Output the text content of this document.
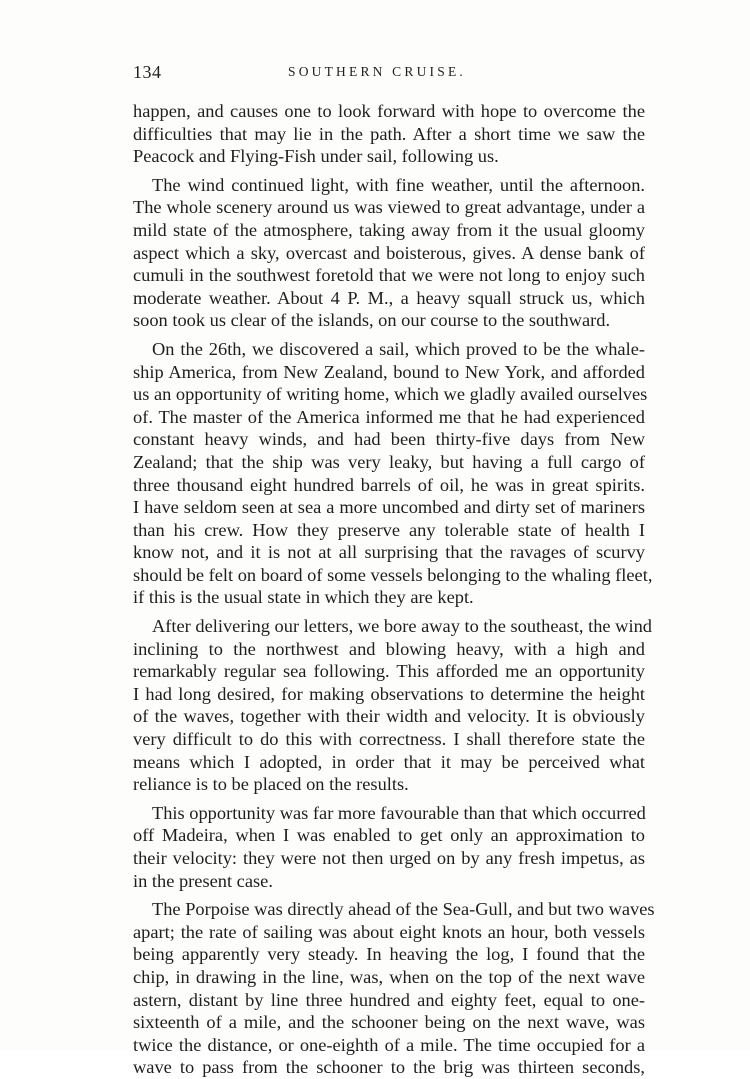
134	SOUTHERN CRUISE.
happen, and causes one to look forward with hope to overcome the
difficulties that may lie in the path. After a short time we saw the
Peacock and Flying-Fish under sail, following us.
The wind continued light, with fine weather, until the afternoon.
The whole scenery around us was viewed to great advantage, under a
mild state of the atmosphere, taking away from it the usual gloomy
aspect which a sky, overcast and boisterous, gives. A dense bank of
cumuli in the southwest foretold that we were not long to enjoy such
moderate weather. About 4 P. M., a heavy squall struck us, which
soon took us clear of the islands, on our course to the southward.
On the 26th, we discovered a sail, which proved to be the whale-
ship America, from New Zealand, bound to New York, and afforded
us an opportunity of writing home, which we gladly availed ourselves
of. The master of the America informed me that he had experienced
constant heavy winds, and had been thirty-five days from New
Zealand; that the ship was very leaky, but having a full cargo of
three thousand eight hundred barrels of oil, he was in great spirits.
I have seldom seen at sea a more uncombed and dirty set of mariners
than his crew. How they preserve any tolerable state of health I
know not, and it is not at all surprising that the ravages of scurvy
should be felt on board of some vessels belonging to the whaling fleet,
if this is the usual state in which they are kept.
After delivering our letters, we bore away to the southeast, the wind
inclining to the northwest and blowing heavy, with a high and
remarkably regular sea following. This afforded me an opportunity
I had long desired, for making observations to determine the height
of the waves, together with their width and velocity. It is obviously
very difficult to do this with correctness. I shall therefore state the
means which I adopted, in order that it may be perceived what
reliance is to be placed on the results.
This opportunity was far more favourable than that which occurred
off Madeira, when I was enabled to get only an approximation to
their velocity: they were not then urged on by any fresh impetus, as
in the present case.
The Porpoise was directly ahead of the Sea-Gull, and but two waves
apart; the rate of sailing was about eight knots an hour, both vessels
being apparently very steady. In heaving the log, I found that the
chip, in drawing in the line, was, when on the top of the next wave
astern, distant by line three hundred and eighty feet, equal to one-
sixteenth of a mile, and the schooner being on the next wave, was
twice the distance, or one-eighth of a mile. The time occupied for a
wave to pass from the schooner to the brig was thirteen seconds,
